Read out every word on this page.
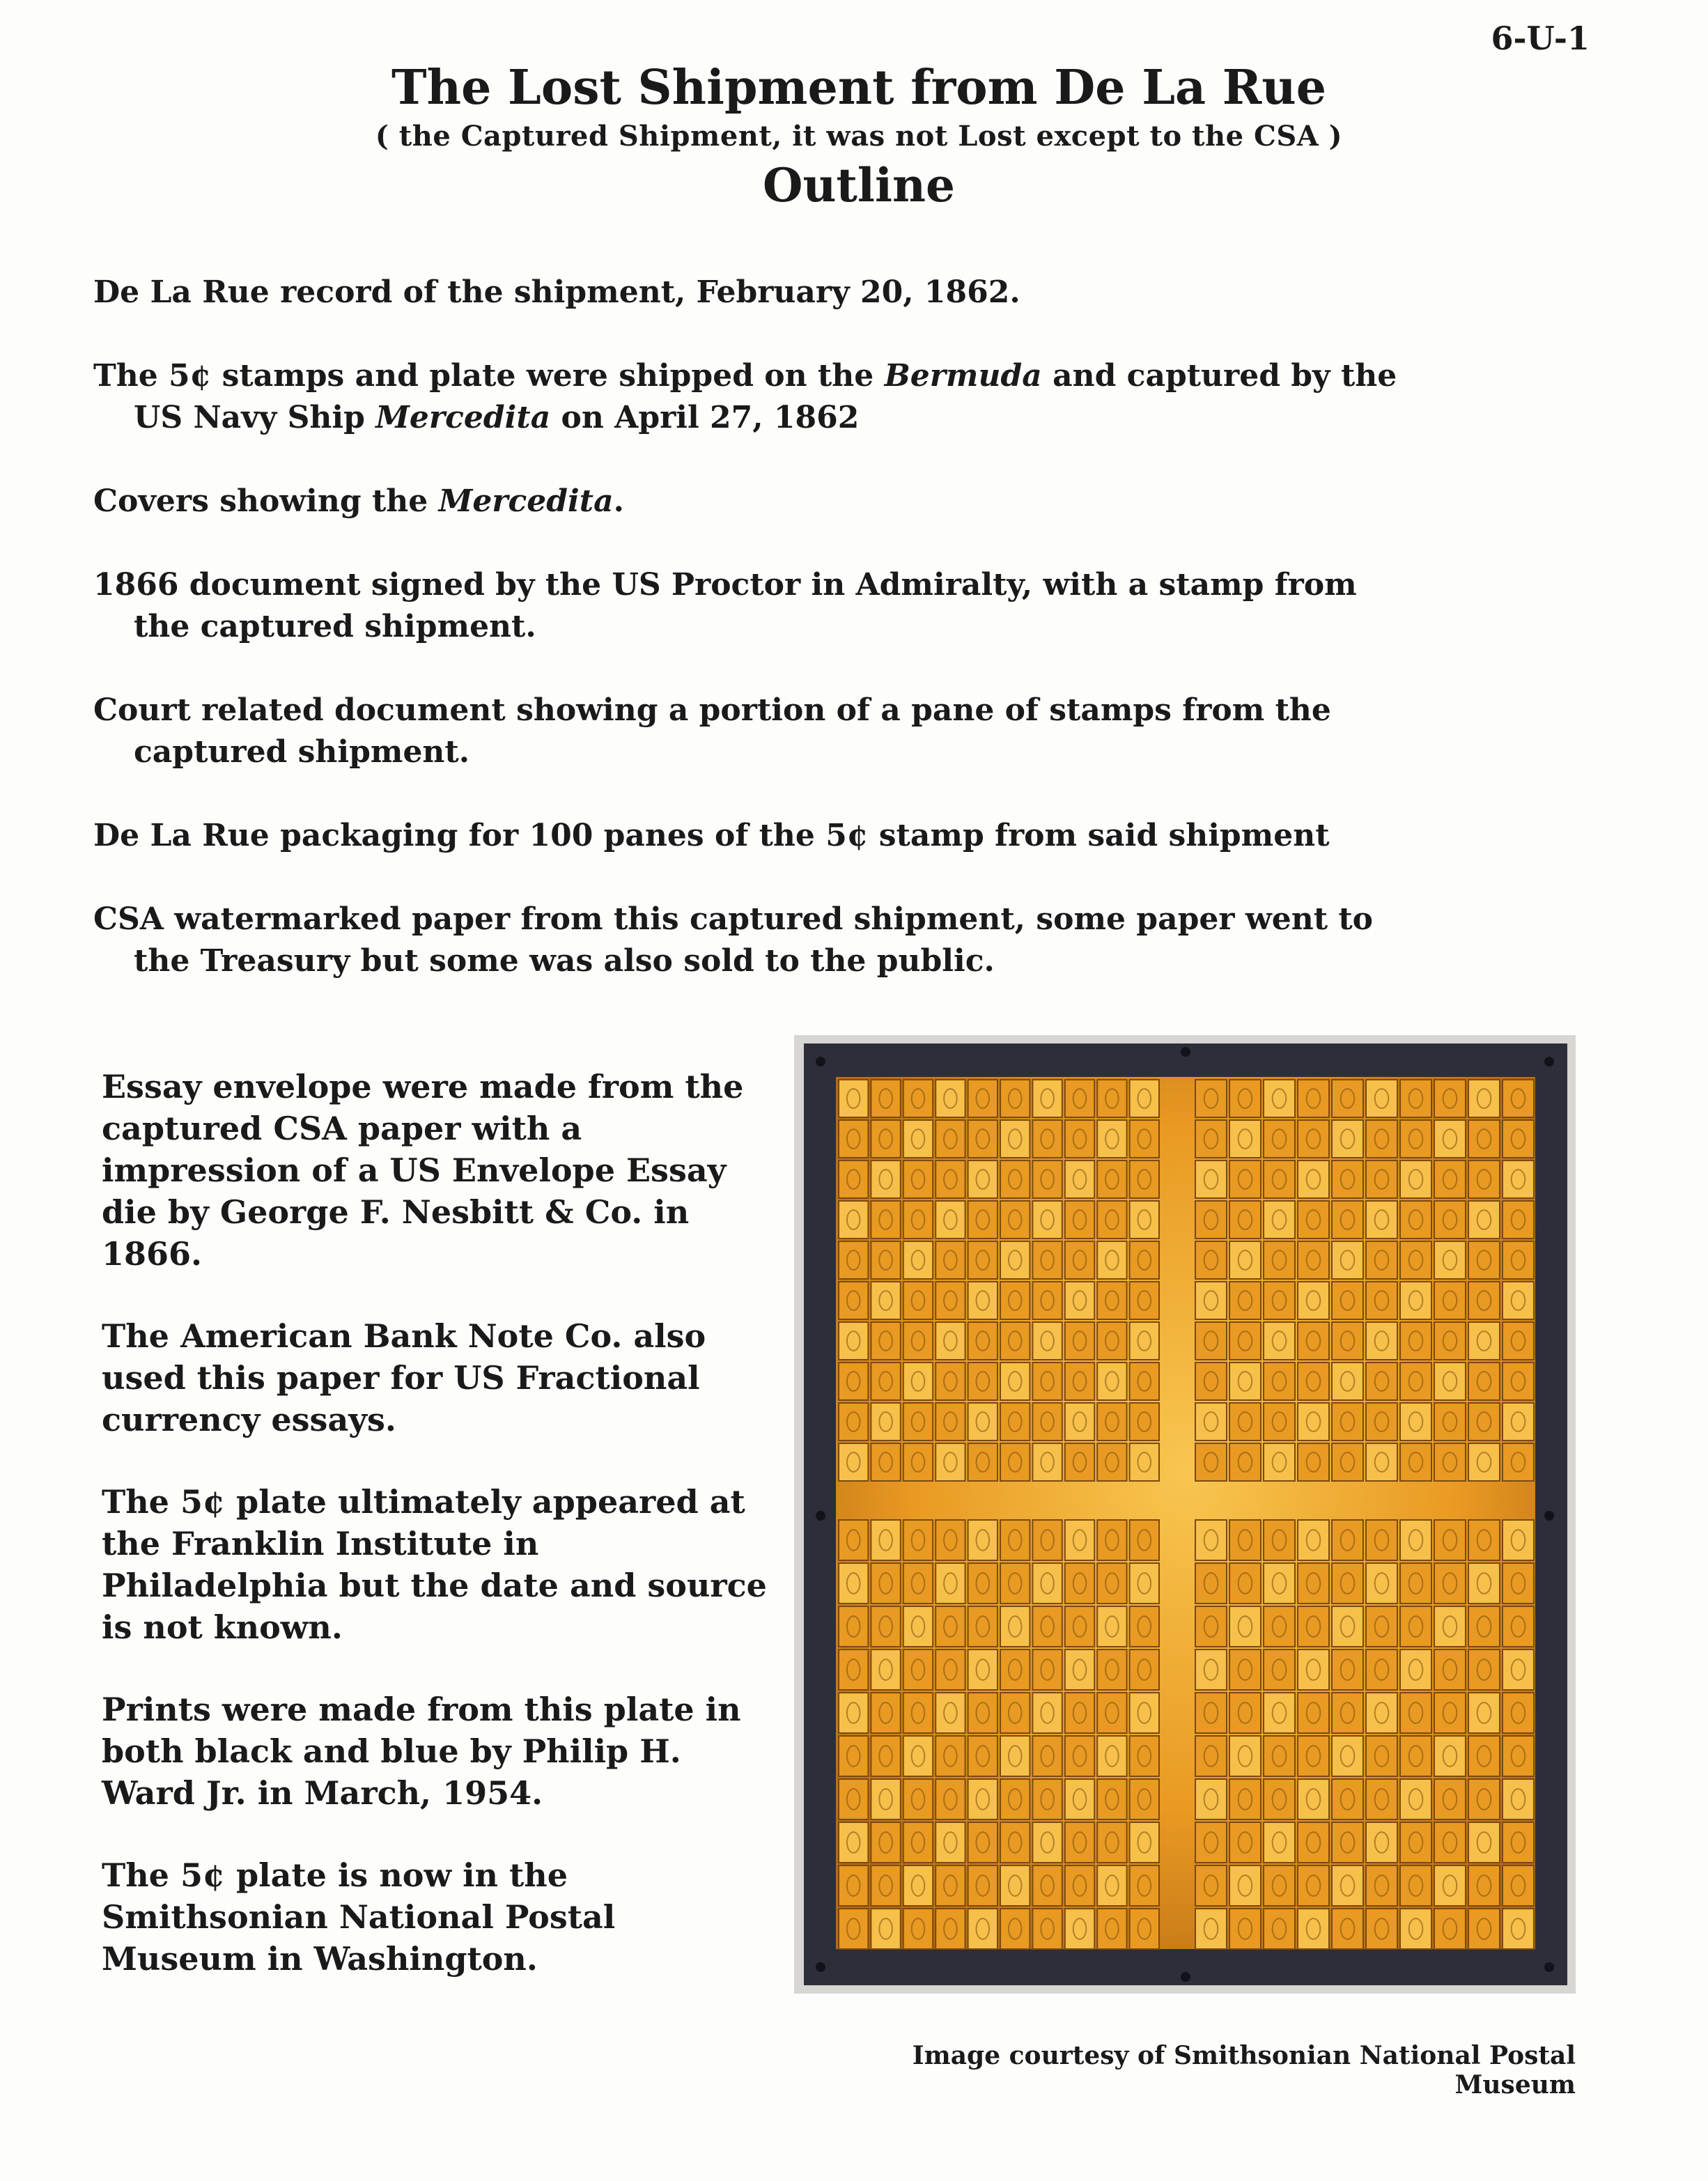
6-U-1
The Lost Shipment from De La Rue
( the Captured Shipment, it was not Lost except to the CSA )
Outline

De La Rue record of the shipment, February 20, 1862.

The 5¢ stamps and plate were shipped on the Bermuda and captured by the US Navy Ship Mercedita on April 27, 1862

Covers showing the Mercedita.

1866 document signed by the US Proctor in Admiralty, with a stamp from the captured shipment.

Court related document showing a portion of a pane of stamps from the captured shipment.

De La Rue packaging for 100 panes of the 5¢ stamp from said shipment

CSA watermarked paper from this captured shipment, some paper went to the Treasury but some was also sold to the public.

Essay envelope were made from the captured CSA paper with a impression of a US Envelope Essay die by George F. Nesbitt & Co. in 1866.

The American Bank Note Co. also used this paper for US Fractional currency essays.

The 5¢ plate ultimately appeared at the Franklin Institute in Philadelphia but the date and source is not known.

Prints were made from this plate in both black and blue by Philip H. Ward Jr. in March, 1954.

The 5¢ plate is now in the Smithsonian National Postal Museum in Washington.

Image courtesy of Smithsonian National Postal Museum
